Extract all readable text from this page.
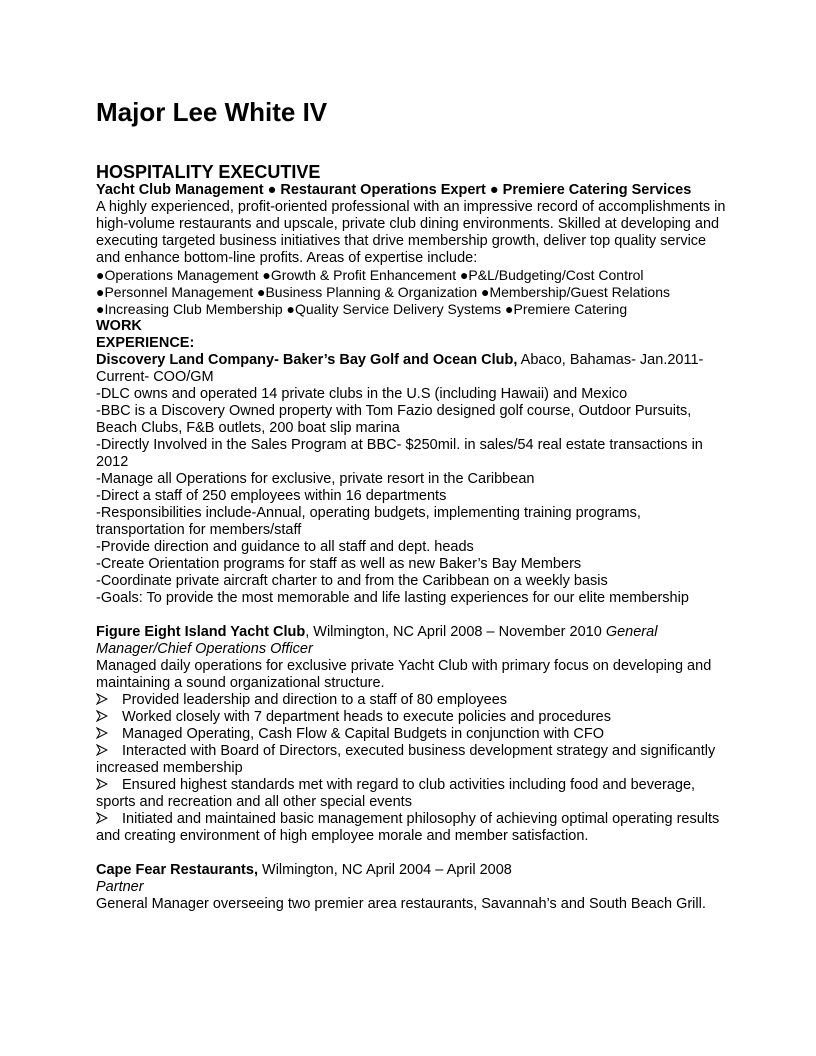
Major Lee White IV
HOSPITALITY EXECUTIVE
Yacht Club Management ● Restaurant Operations Expert ● Premiere Catering Services

A highly experienced, profit-oriented professional with an impressive record of accomplishments in high-volume restaurants and upscale, private club dining environments. Skilled at developing and executing targeted business initiatives that drive membership growth, deliver top quality service and enhance bottom-line profits. Areas of expertise include:

●Operations Management ●Growth & Profit Enhancement ●P&L/Budgeting/Cost Control
●Personnel Management ●Business Planning & Organization ●Membership/Guest Relations
●Increasing Club Membership ●Quality Service Delivery Systems ●Premiere Catering
WORK
EXPERIENCE:
Discovery Land Company- Baker’s Bay Golf and Ocean Club, Abaco, Bahamas- Jan.2011-Current- COO/GM
-DLC owns and operated 14 private clubs in the U.S (including Hawaii) and Mexico
-BBC is a Discovery Owned property with Tom Fazio designed golf course, Outdoor Pursuits, Beach Clubs, F&B outlets, 200 boat slip marina
-Directly Involved in the Sales Program at BBC- $250mil. in sales/54 real estate transactions in 2012
-Manage all Operations for exclusive, private resort in the Caribbean
-Direct a staff of 250 employees within 16 departments
-Responsibilities include-Annual, operating budgets, implementing training programs, transportation for members/staff
-Provide direction and guidance to all staff and dept. heads
-Create Orientation programs for staff as well as new Baker’s Bay Members
-Coordinate private aircraft charter to and from the Caribbean on a weekly basis
-Goals: To provide the most memorable and life lasting experiences for our elite membership
Figure Eight Island Yacht Club, Wilmington, NC April 2008 – November 2010 General Manager/Chief Operations Officer
Managed daily operations for exclusive private Yacht Club with primary focus on developing and maintaining a sound organizational structure.
Provided leadership and direction to a staff of 80 employees
Worked closely with 7 department heads to execute policies and procedures
Managed Operating, Cash Flow & Capital Budgets in conjunction with CFO
Interacted with Board of Directors, executed business development strategy and significantly increased membership
Ensured highest standards met with regard to club activities including food and beverage, sports and recreation and all other special events
Initiated and maintained basic management philosophy of achieving optimal operating results and creating environment of high employee morale and member satisfaction.
Cape Fear Restaurants, Wilmington, NC April 2004 – April 2008
Partner
General Manager overseeing two premier area restaurants, Savannah’s and South Beach Grill.
